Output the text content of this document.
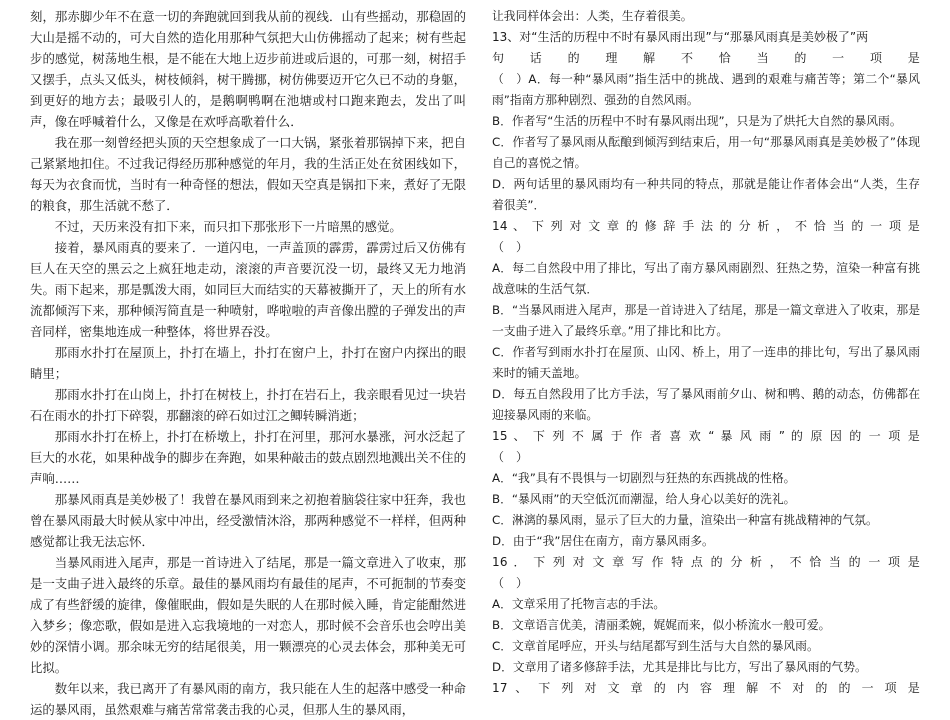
刻，那赤脚少年不在意一切的奔跑就回到我从前的视线．山有些摇动，那稳固的大山是摇不动的，可大自然的造化用那种气氛把大山仿佛摇动了起来；树有些起步的感觉，树荡地生根，是不能在大地上迈步前进或后退的，可那一刻，树招手又摆手，点头又低头，树枝倾斜，树干腾挪，树仿佛要迈开它久已不动的身躯，到更好的地方去；最吸引人的，是鹅啊鸭啊在池塘或村口跑来跑去，发出了叫声，像在呼喊着什么，又像是在欢呼高歌着什么．

我在那一刻曾经把头顶的天空想象成了一口大锅，紧张着那锅掉下来，把自己紧紧地扣住。不过我记得经历那种感觉的年月，我的生活正处在贫困线如下，每天为衣食而忧，当时有一种奇怪的想法，假如天空真是锅扣下来，煮好了无限的粮食，那生活就不愁了．

不过，天历来没有扣下来，而只扣下那张形下一片暗黑的感觉。

接着，暴风雨真的要来了．一道闪电，一声盖顶的霹雳，霹雳过后又仿佛有巨人在天空的黑云之上疯狂地走动，滚滚的声音要沉没一切，最终又无力地消失。雨下起来，那是瓢泼大雨，如同巨大而结实的天幕被撕开了，天上的所有水流都倾泻下来，那种倾泻简直是一种喷射，哗啦啦的声音像出膛的子弹发出的声音同样，密集地连成一种整体，将世界吞没。

那雨水扑打在屋顶上，扑打在墙上，扑打在窗户上，扑打在窗户内探出的眼睛里；

那雨水扑打在山岗上，扑打在树枝上，扑打在岩石上，我亲眼看见过一块岩石在雨水的扑打下碎裂，那翻滚的碎石如过江之鲫转瞬消逝；

那雨水扑打在桥上，扑打在桥墩上，扑打在河里，那河水暴涨，河水泛起了巨大的水花，如果种战争的脚步在奔跑，如果种敲击的鼓点剧烈地溅出关不住的声响……

那暴风雨真是美妙极了！我曾在暴风雨到来之初抱着脑袋往家中狂奔，我也曾在暴风雨最大时候从家中冲出，经受激情沐浴，那两种感觉不一样样，但两种感觉都让我无法忘怀．

当暴风雨进入尾声，那是一首诗进入了结尾，那是一篇文章进入了收束，那是一支曲子进入最终的乐章。最佳的暴风雨均有最佳的尾声，不可扼制的节奏变成了有些舒缓的旋律，像催眠曲，假如是失眠的人在那时候入睡，肯定能酣然进入梦乡；像恋歌，假如是进入忘我境地的一对恋人，那时候不会音乐也会哼出美妙的深情小调。那余味无穷的结尾很美，用一颗漂亮的心灵去体会，那种美无可比拟。

数年以来，我已离开了有暴风雨的南方，我只能在人生的起落中感受一种命运的暴风雨，虽然艰难与痛苦常常袭击我的心灵，但那人生的暴风雨，

让我同样体会出：人类，生存着很美。

13、对“生活的历程中不时有暴风雨出现”与“那暴风雨真是美妙极了”两

句　话　的　理　解　不　恰　当　的　一　项　是

（　）A．每一种“暴风雨”指生活中的挑战、遇到的艰难与痛苦等；第二个“暴风雨”指南方那种剧烈、强劲的自然风雨。

B．作者写“生活的历程中不时有暴风雨出现”，只是为了烘托大自然的暴风雨。

C．作者写了暴风雨从酝酿到倾泻到结束后，用一句“那暴风雨真是美妙极了”体现自己的喜悦之情。

D．两句话里的暴风雨均有一种共同的特点，那就是能让作者体会出“人类，生存着很美”．

14 、 下 列 对 文 章 的 修 辞 手 法 的 分 析 ， 不 恰 当 的 一 项 是

（　）

A．每二自然段中用了排比，写出了南方暴风雨剧烈、狂热之势，渲染一种富有挑战意味的生活气氛．

B．“当暴风雨进入尾声，那是一首诗进入了结尾，那是一篇文章进入了收束，那是一支曲子进入了最终乐章。”用了排比和比方。

C．作者写到雨水扑打在屋顶、山冈、桥上，用了一连串的排比句，写出了暴风雨来时的铺天盖地。

D．每五自然段用了比方手法，写了暴风雨前夕山、树和鸭、鹅的动态，仿佛都在迎接暴风雨的来临。

15 、 下 列 不 属 于 作 者 喜 欢 “ 暴 风 雨 ” 的 原 因 的 一 项 是

（　）

A．“我”具有不畏惧与一切剧烈与狂热的东西挑战的性格。

B．“暴风雨”的天空低沉而潮湿，给人身心以美好的洗礼。

C．淋漓的暴风雨，显示了巨大的力量，渲染出一种富有挑战精神的气氛。

D．由于“我”居住在南方，南方暴风雨多。

16 ． 下 列 对 文 章 写 作 特 点 的 分 析 ， 不 恰 当 的 一 项 是

（　）

A．文章采用了托物言志的手法。

B．文章语言优美，清丽柔婉，娓娓而来，似小桥流水一般可爱。

C．文章首尾呼应，开头与结尾都写到生活与大自然的暴风雨。

D．文章用了诸多修辞手法，尤其是排比与比方，写出了暴风雨的气势。

17 、 下 列 对 文 章 的 内 容 理 解 不 对 的 的 一 项 是
